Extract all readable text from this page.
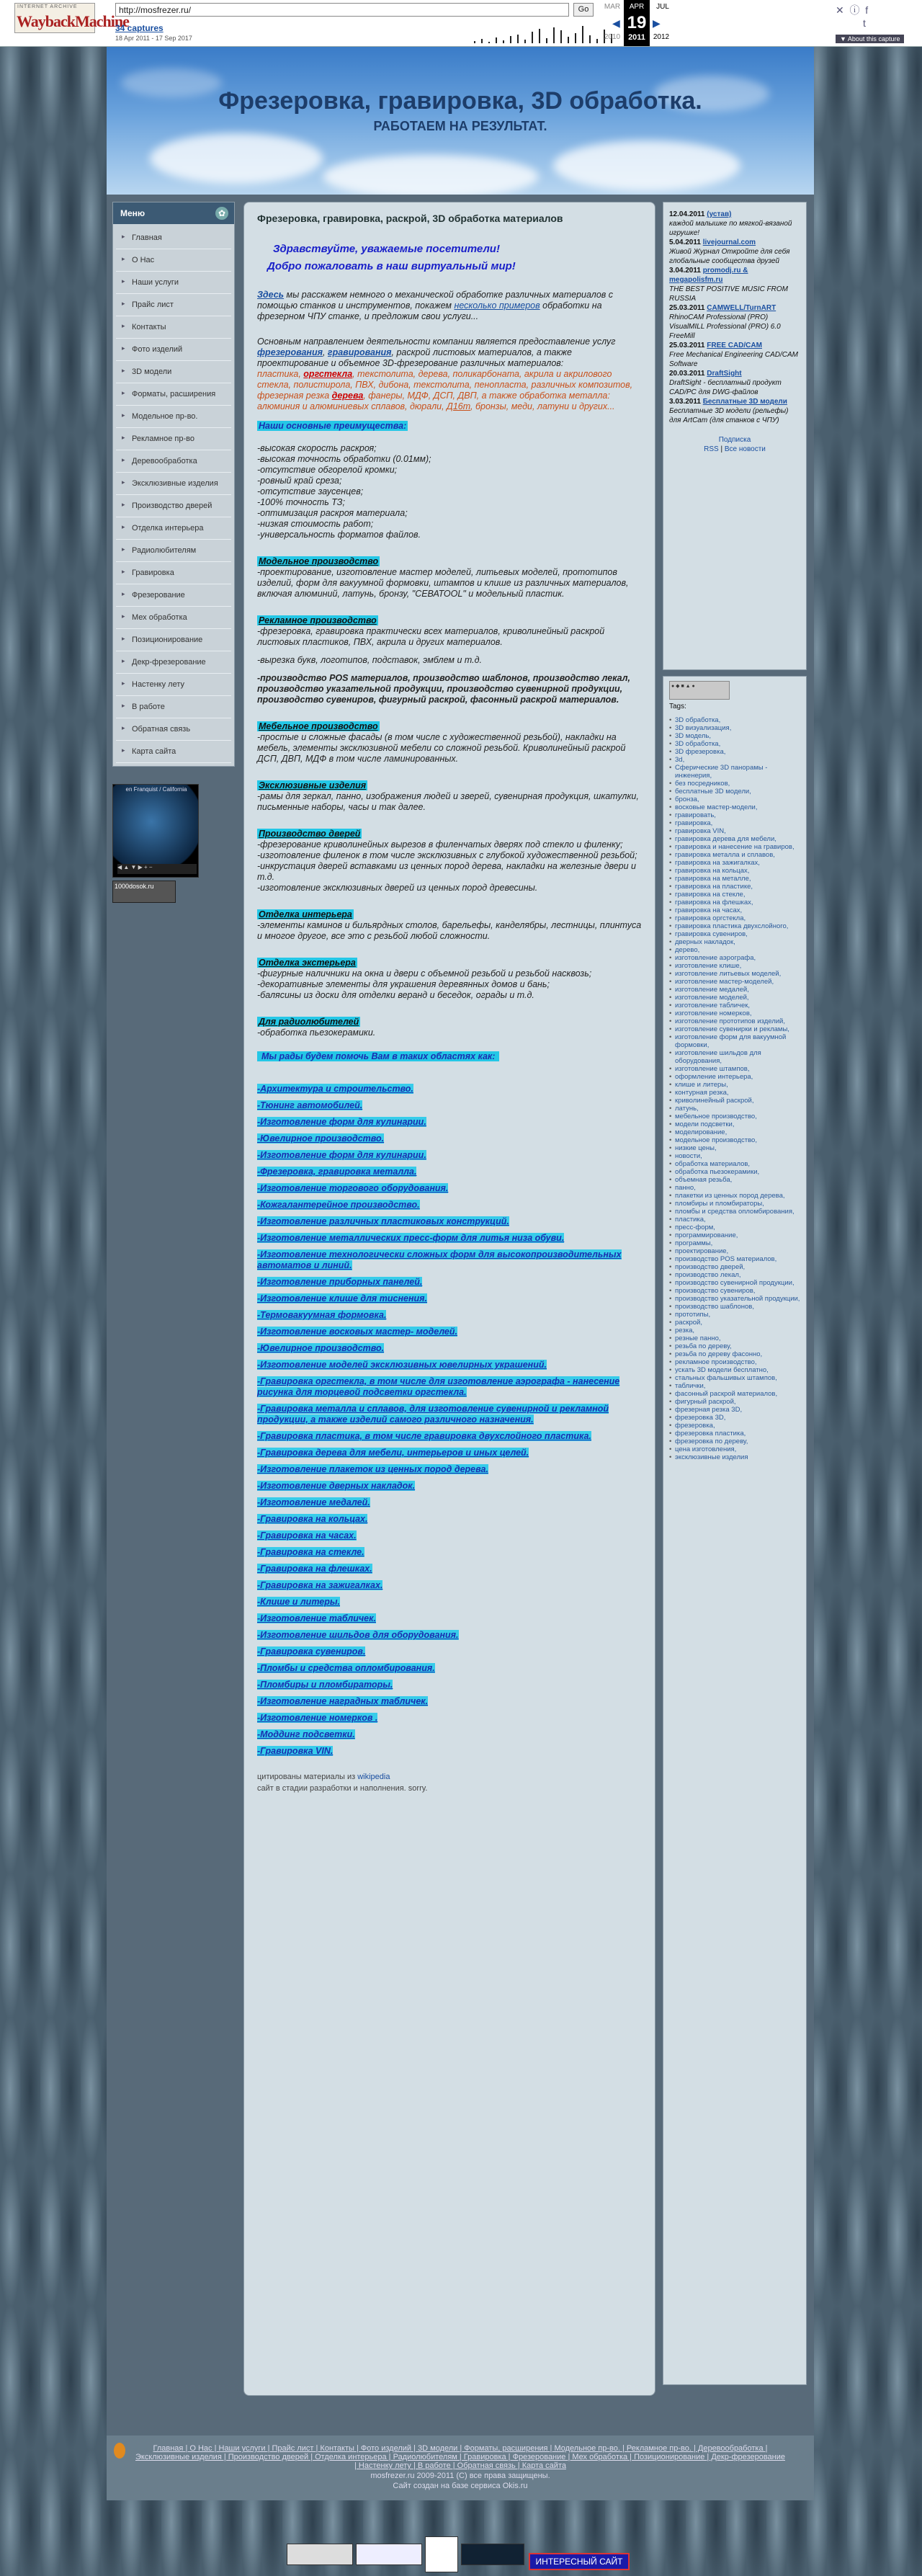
INTERNET ARCHIVE
WaybackMachine
http://mosfrezer.ru/	Go
34 captures
18 Apr 2011 - 17 Sep 2017
MAR	APR	JUL
19
2011
◀	▶
2010	2012
✕ ⓘ f
t
▼ About this capture
Фрезеровка, гравировка, 3D обработка.
РАБОТАЕМ НА РЕЗУЛЬТАТ.
Меню	✿
▸ Главная
▸ О Нас
▸ Наши услуги
▸ Прайс лист
▸ Контакты
▸ Фото изделий
▸ 3D модели
▸ Форматы, расширения
▸ Модельное пр-во.
▸ Рекламное пр-во
▸ Деревообработка
▸ Эксклюзивные изделия
▸ Производство дверей
▸ Отделка интерьера
▸ Радиолюбителям
▸ Гравировка
▸ Фрезерование
▸ Мех обработка
▸ Позиционирование
▸ Декр-фрезерование
▸ Настенку лету
▸ В работе
▸ Обратная связь
▸ Карта сайта
en Franquist / California
◀ ▲ ▼ ▶ + −
1000dosok.ru
Фрезеровка, гравировка, раскрой, 3D обработка материалов
Здравствуйте, уважаемые посетители!
Добро пожаловать в наш виртуальный мир!

Здесь мы расскажем немного о механической обработке различных материалов с помощью станков и инструментов, покажем несколько примеров обработки на фрезерном ЧПУ станке, и предложим свои услуги...

Основным направлением деятельности компании является предоставление услуг фрезерования, гравирования, раскрой листовых материалов, а также проектирование и объемное 3D-фрезерование различных материалов:
пластика, оргстекла, текстолита, дерева, поликарбоната, акрила и акрилового стекла, полистирола, ПВХ, дибона, текстолита, пенопласта, различных композитов, фрезерная резка дерева, фанеры, МДФ, ДСП, ДВП, а также обработка металла: алюминия и алюминиевых сплавов, дюрали, Д16т, бронзы, меди, латуни и других...

Наши основные преимущества:
-высокая скорость раскроя;
-высокая точность обработки (0.01мм);
-отсутствие обгорелой кромки;
-ровный край среза;
-отсутствие заусенцев;
-100% точность ТЗ;
-оптимизация раскроя материала;
-низкая стоимость работ;
-универсальность форматов файлов.
Модельное производство
-проектирование, изготовление мастер моделей, литьевых моделей, прототипов изделий, форм для вакуумной формовки, штампов и клише из различных материалов, включая алюминий, латунь, бронзу, "СЕВАТООL" и модельный пластик.
Рекламное производство
-фрезеровка, гравировка практически всех материалов, криволинейный раскрой листовых пластиков, ПВХ, акрила и других материалов.
-вырезка букв, логотипов, подставок, эмблем и т.д.
-производство POS материалов, производство шаблонов, производство лекал, производство указательной продукции, производство сувенирной продукции, производство сувениров, фигурный раскрой, фасонный раскрой материалов.
Мебельное производство
-простые и сложные фасады (в том числе с художественной резьбой), накладки на мебель, элементы эксклюзивной мебели со сложной резьбой. Криволинейный раскрой ДСП, ДВП, МДФ в том числе ламинированных.
Эксклюзивные изделия
-рамы для зеркал, панно, изображения людей и зверей, сувенирная продукция, шкатулки, письменные наборы, часы и так далее.
Производство дверей
-фрезерование криволинейных вырезов в филенчатых дверях под стекло и филенку;
-изготовление филенок в том числе эксклюзивных с глубокой художественной резьбой;
-инкрустация дверей вставками из ценных пород дерева, накладки на железные двери и т.д.
-изготовление эксклюзивных дверей из ценных пород древесины.
Отделка интерьера
-элементы каминов и бильярдных столов, барельефы, канделябры, лестницы, плинтуса и многое другое, все это с резьбой любой сложности.
Отделка экстерьера
-фигурные наличники на окна и двери с объемной резьбой и резьбой насквозь;
-декоративные элементы для украшения деревянных домов и бань;
-балясины из доски для отделки веранд и беседок, ограды и т.д.
Для радиолюбителей
-обработка пьезокерамики.
Мы рады будем помочь Вам в таких областях как:
-Архитектура и строительство.
-Тюнинг автомобилей.
-Изготовление форм для кулинарии.
-Ювелирное производство.
-Изготовление форм для кулинарии.
-Фрезеровка, гравировка металла.
-Изготовление торгового оборудования.
-Кожгалантерейное производство.
-Изготовление различных пластиковых конструкций.
-Изготовление металлических пресс-форм для литья низа обуви.
-Изготовление технологически сложных форм для высокопроизводительных автоматов и линий.
-Изготовление приборных панелей.
-Изготовление клише для тиснения.
-Термовакуумная формовка.
-Изготовление восковых мастер- моделей.
-Ювелирное производство.
-Изготовление моделей эксклюзивных ювелирных украшений.
-Гравировка оргстекла, в том числе для изготовление аэрографа - нанесение рисунка для торцевой подсветки оргстекла.
-Гравировка металла и сплавов, для изготовление сувенирной и рекламной продукции, а также изделий самого различного назначения.
-Гравировка пластика, в том числе гравировка двухслойного пластика.
-Гравировка дерева для мебели, интерьеров и иных целей.
-Изготовление плакеток из ценных пород дерева.
-Изготовление дверных накладок.
-Изготовление медалей.
-Гравировка на кольцах.
-Гравировка на часах.
-Гравировка на стекле.
-Гравировка на флешках.
-Гравировка на зажигалках.
-Клише и литеры.
-Изготовление табличек.
-Изготовление шильдов для оборудования.
-Гравировка сувениров.
-Пломбы и средства опломбирования.
-Пломбиры и пломбираторы.
-Изготовление наградных табличек.
-Изготовление номерков .
-Моддинг подсветки.
-Гравировка VIN.
цитированы материалы из wikipedia
сайт в стадии разработки и наполнения. sorry.
12.04.2011 (устав)
каждой малышке по мягкой-вязаной игрушке!
5.04.2011 livejournal.com
Живой Журнал Откройте для себя глобальные сообщества друзей
3.04.2011 promodj.ru & megapolisfm.ru
THE BEST POSITIVE MUSIC FROM RUSSIA
25.03.2011 CAMWELL/TurnART
RhinoCAM Professional (PRO) VisualMILL Professional (PRO) 6.0 FreeMill
25.03.2011 FREE CAD/CAM
Free Mechanical Engineering CAD/CAM Software
20.03.2011 DraftSight
DraftSight - бесплатный продукт CAD/PC для DWG-файлов
3.03.2011 Бесплатные 3D модели
Бесплатные 3D модели (рельефы) для ArtCam (для станков с ЧПУ)
Подписка
RSS | Все новости
● ◆ ■ ▲ ●
Tags:
• 3D обработка,
• 3D визуализация,
• 3D модель,
• 3D обработка,
• 3D фрезеровка,
• 3d,
• Сферические 3D панорамы - инженерия,
• без посредников,
• бесплатные 3D модели,
• бронза,
• восковые мастер-модели,
• гравировать,
• гравировка,
• гравировка VIN,
• гравировка дерева для мебели,
• гравировка и нанесение на гравиров,
• гравировка металла и сплавов,
• гравировка на зажигалках,
• гравировка на кольцах,
• гравировка на металле,
• гравировка на пластике,
• гравировка на стекле,
• гравировка на флешках,
• гравировка на часах,
• гравировка оргстекла,
• гравировка пластика двухслойного,
• гравировка сувениров,
• дверных накладок,
• дерево,
• изготовление аэрографа,
• изготовление клише,
• изготовление литьевых моделей,
• изготовление мастер-моделей,
• изготовление медалей,
• изготовление моделей,
• изготовление табличек,
• изготовление номерков,
• изготовление прототипов изделий,
• изготовление сувенирки и рекламы,
• изготовление форм для вакуумной формовки,
• изготовление шильдов для оборудования,
• изготовление штампов,
• оформление интерьера,
• клише и литеры,
• контурная резка,
• криволинейный раскрой,
• латунь,
• мебельное производство,
• модели подсветки,
• моделирование,
• модельное производство,
• низкие цены,
• новости,
• обработка материалов,
• обработка пьезокерамики,
• объемная резьба,
• панно,
• плакетки из ценных пород дерева,
• пломбиры и пломбираторы,
• пломбы и средства опломбирования,
• пластика,
• пресс-форм,
• программирование,
• программы,
• проектирование,
• производство POS материалов,
• производство дверей,
• производство лекал,
• производство сувенирной продукции,
• производство сувениров,
• производство указательной продукции,
• производство шаблонов,
• прототипы,
• раскрой,
• резка,
• резные панно,
• резьба по дереву,
• резьба по дереву фасонно,
• рекламное производство,
• ускать 3D модели бесплатно,
• стальных фальшивых штампов,
• таблички,
• фасонный раскрой материалов,
• фигурный раскрой,
• фрезерная резка 3D,
• фрезеровка 3D,
• фрезеровка,
• фрезеровка пластика,
• фрезеровка по дереву,
• цена изготовления,
• эксклюзивные изделия
Главная | О Нас | Наши услуги | Прайс лист | Контакты | Фото изделий | 3D модели | Форматы, расширения | Модельное пр-во. | Рекламное пр-во. | Деревообработка | Эксклюзивные изделия | Производство дверей | Отделка интерьера | Радиолюбителям | Гравировка | Фрезерование | Мех обработка | Позиционирование | Декр-фрезерование | Настенку лету | В работе | Обратная связь | Карта сайта
mosfrezer.ru 2009-2011 (C) все права защищены.
Сайт создан на базе сервиса Okis.ru
ИНТЕРЕСНЫЙ САЙТ
